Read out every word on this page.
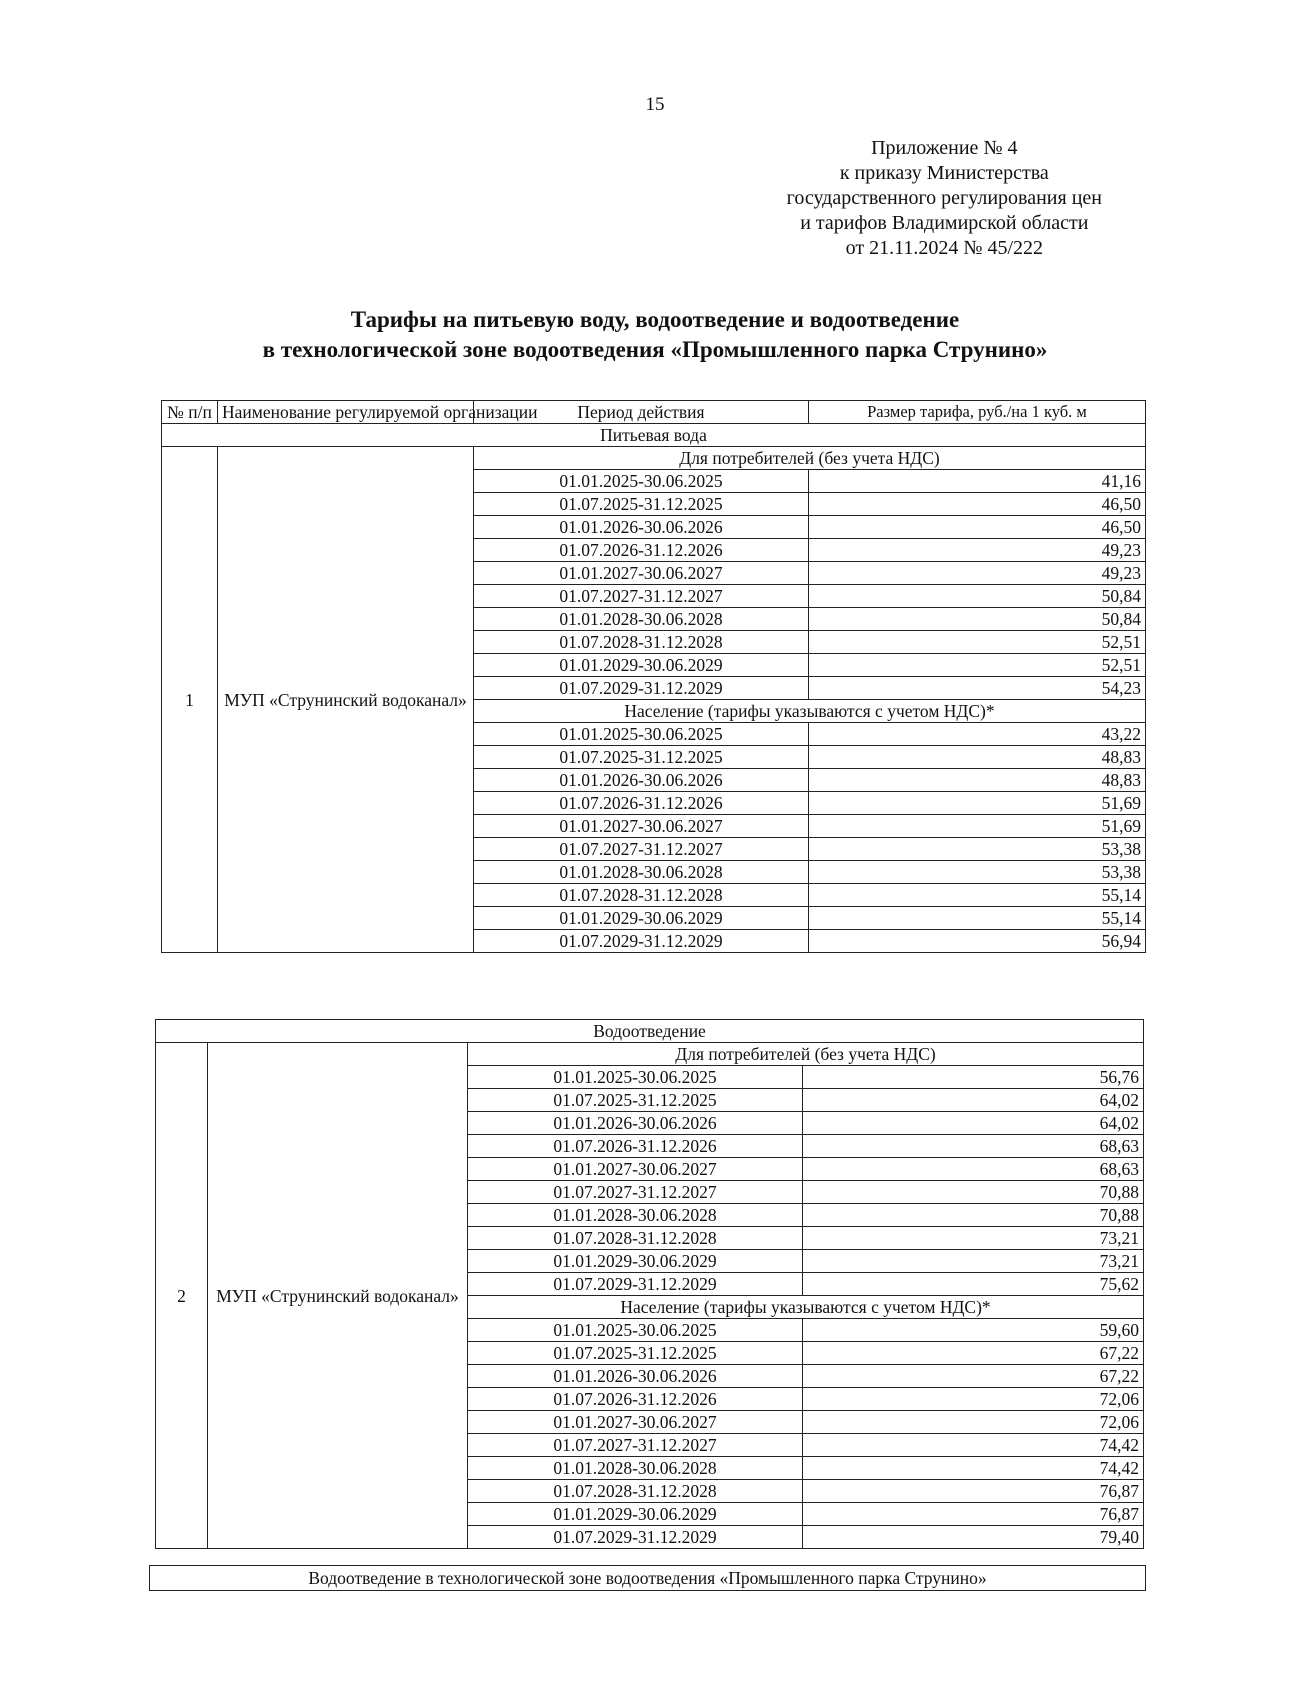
15
Приложение № 4
к приказу Министерства
государственного регулирования цен
и тарифов Владимирской области
от 21.11.2024 № 45/222
Тарифы на питьевую воду, водоотведение и водоотведение
в технологической зоне водоотведения «Промышленного парка Струнино»
№ п/п	Наименование регулируемой организации	Период действия	Размер тарифа, руб./на 1 куб. м
Питьевая вода			
1	МУП «Струнинский водоканал»	Для потребителей (без учета НДС)	
		01.01.2025-30.06.2025	41,16
		01.07.2025-31.12.2025	46,50
		01.01.2026-30.06.2026	46,50
		01.07.2026-31.12.2026	49,23
		01.01.2027-30.06.2027	49,23
		01.07.2027-31.12.2027	50,84
		01.01.2028-30.06.2028	50,84
		01.07.2028-31.12.2028	52,51
		01.01.2029-30.06.2029	52,51
		01.07.2029-31.12.2029	54,23
		Население (тарифы указываются с учетом НДС)*	
		01.01.2025-30.06.2025	43,22
		01.07.2025-31.12.2025	48,83
		01.01.2026-30.06.2026	48,83
		01.07.2026-31.12.2026	51,69
		01.01.2027-30.06.2027	51,69
		01.07.2027-31.12.2027	53,38
		01.01.2028-30.06.2028	53,38
		01.07.2028-31.12.2028	55,14
		01.01.2029-30.06.2029	55,14
		01.07.2029-31.12.2029	56,94
Водоотведение			
2	МУП «Струнинский водоканал»	Для потребителей (без учета НДС)	
		01.01.2025-30.06.2025	56,76
		01.07.2025-31.12.2025	64,02
		01.01.2026-30.06.2026	64,02
		01.07.2026-31.12.2026	68,63
		01.01.2027-30.06.2027	68,63
		01.07.2027-31.12.2027	70,88
		01.01.2028-30.06.2028	70,88
		01.07.2028-31.12.2028	73,21
		01.01.2029-30.06.2029	73,21
		01.07.2029-31.12.2029	75,62
		Население (тарифы указываются с учетом НДС)*	
		01.01.2025-30.06.2025	59,60
		01.07.2025-31.12.2025	67,22
		01.01.2026-30.06.2026	67,22
		01.07.2026-31.12.2026	72,06
		01.01.2027-30.06.2027	72,06
		01.07.2027-31.12.2027	74,42
		01.01.2028-30.06.2028	74,42
		01.07.2028-31.12.2028	76,87
		01.01.2029-30.06.2029	76,87
		01.07.2029-31.12.2029	79,40
Водоотведение в технологической зоне водоотведения «Промышленного парка Струнино»
